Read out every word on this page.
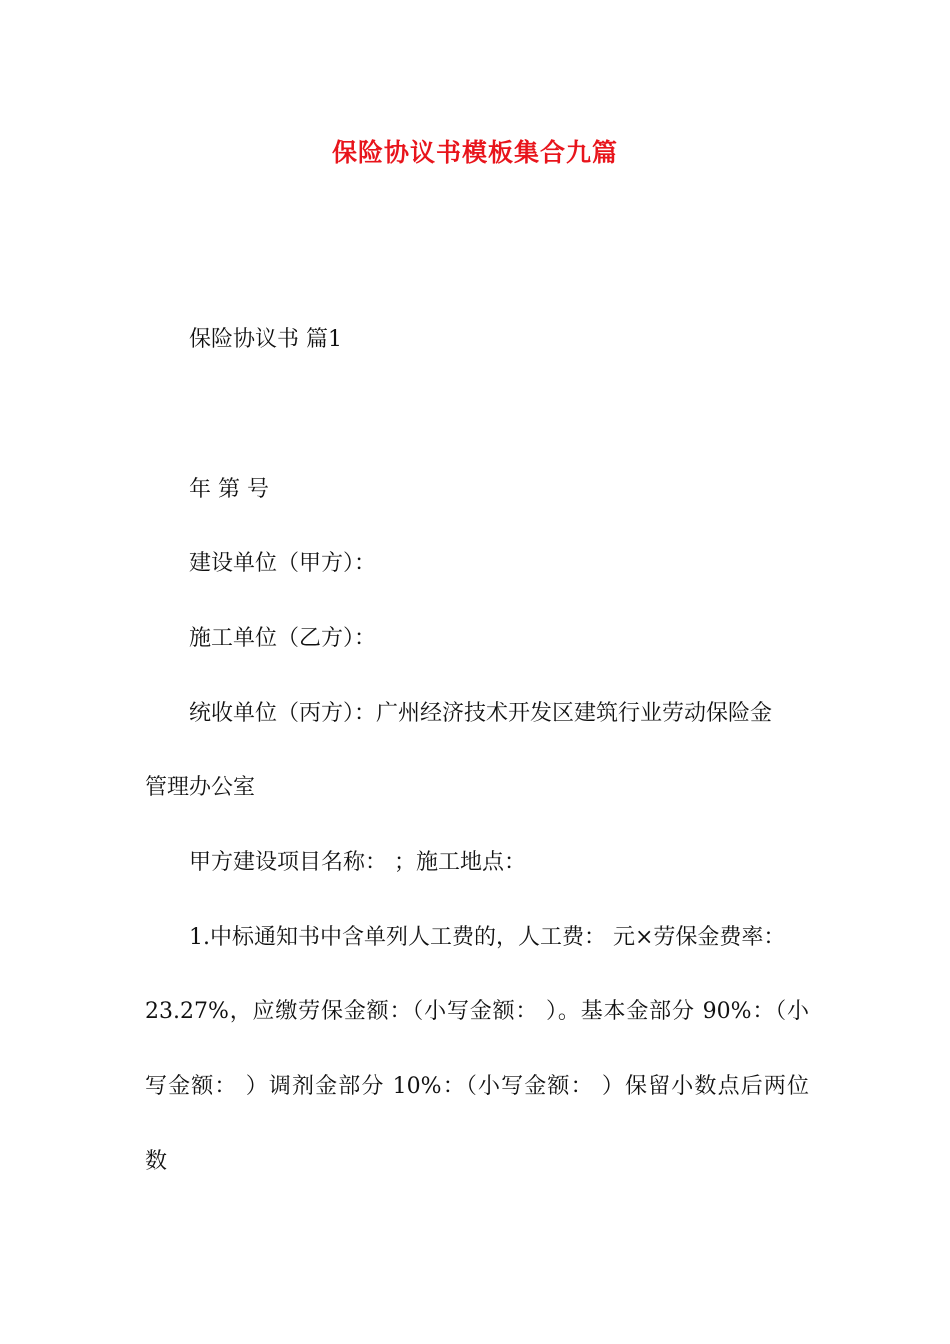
保险协议书模板集合九篇
保险协议书 篇1
年 第 号
建设单位（甲方）：
施工单位（乙方）：
统收单位（丙方）：广州经济技术开发区建筑行业劳动保险金
管理办公室
甲方建设项目名称： ；施工地点：
1.中标通知书中含单列人工费的，人工费： 元×劳保金费率：
23.27%，应缴劳保金额：（小写金额： ）。基本金部分 90%：（小
写金额： ）调剂金部分 10%：（小写金额： ）保留小数点后两位
数
